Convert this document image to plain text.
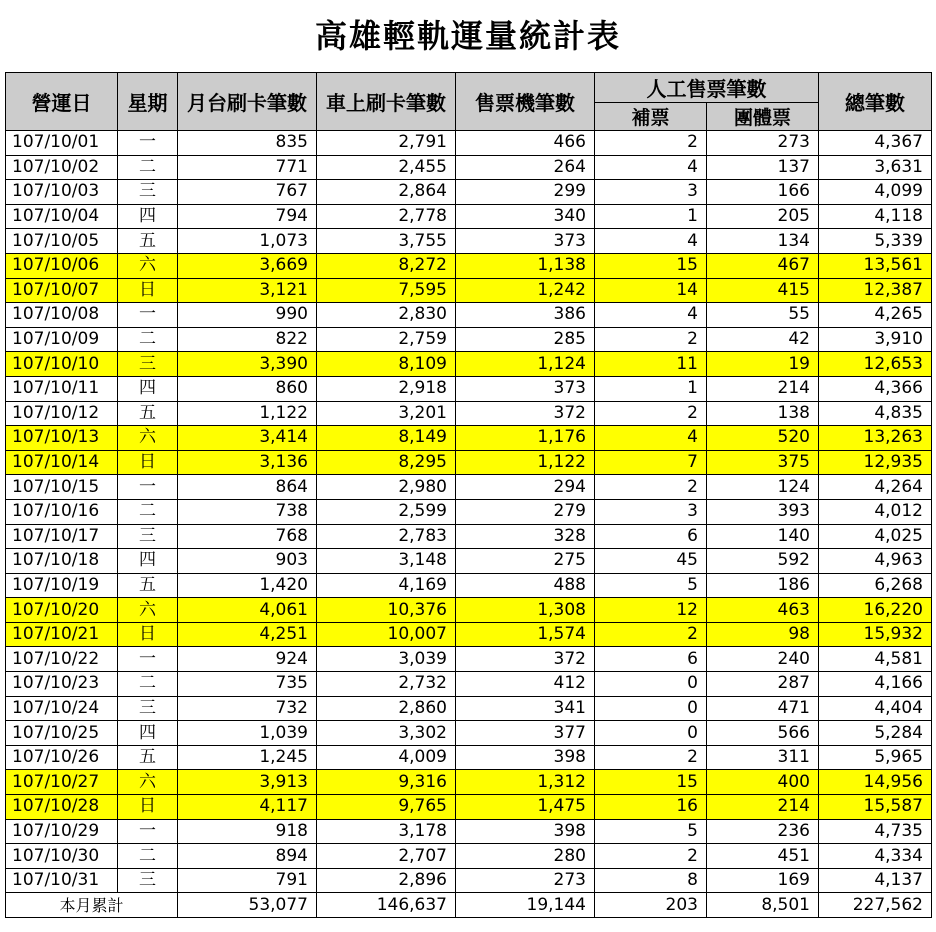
高雄輕軌運量統計表
營運日	星期	月台刷卡筆數	車上刷卡筆數	售票機筆數	人工售票筆數		總筆數
					補票	團體票	
107/10/01	一	835	2,791	466	2	273	4,367
107/10/02	二	771	2,455	264	4	137	3,631
107/10/03	三	767	2,864	299	3	166	4,099
107/10/04	四	794	2,778	340	1	205	4,118
107/10/05	五	1,073	3,755	373	4	134	5,339
107/10/06	六	3,669	8,272	1,138	15	467	13,561
107/10/07	日	3,121	7,595	1,242	14	415	12,387
107/10/08	一	990	2,830	386	4	55	4,265
107/10/09	二	822	2,759	285	2	42	3,910
107/10/10	三	3,390	8,109	1,124	11	19	12,653
107/10/11	四	860	2,918	373	1	214	4,366
107/10/12	五	1,122	3,201	372	2	138	4,835
107/10/13	六	3,414	8,149	1,176	4	520	13,263
107/10/14	日	3,136	8,295	1,122	7	375	12,935
107/10/15	一	864	2,980	294	2	124	4,264
107/10/16	二	738	2,599	279	3	393	4,012
107/10/17	三	768	2,783	328	6	140	4,025
107/10/18	四	903	3,148	275	45	592	4,963
107/10/19	五	1,420	4,169	488	5	186	6,268
107/10/20	六	4,061	10,376	1,308	12	463	16,220
107/10/21	日	4,251	10,007	1,574	2	98	15,932
107/10/22	一	924	3,039	372	6	240	4,581
107/10/23	二	735	2,732	412	0	287	4,166
107/10/24	三	732	2,860	341	0	471	4,404
107/10/25	四	1,039	3,302	377	0	566	5,284
107/10/26	五	1,245	4,009	398	2	311	5,965
107/10/27	六	3,913	9,316	1,312	15	400	14,956
107/10/28	日	4,117	9,765	1,475	16	214	15,587
107/10/29	一	918	3,178	398	5	236	4,735
107/10/30	二	894	2,707	280	2	451	4,334
107/10/31	三	791	2,896	273	8	169	4,137
本月累計		53,077	146,637	19,144	203	8,501	227,562
